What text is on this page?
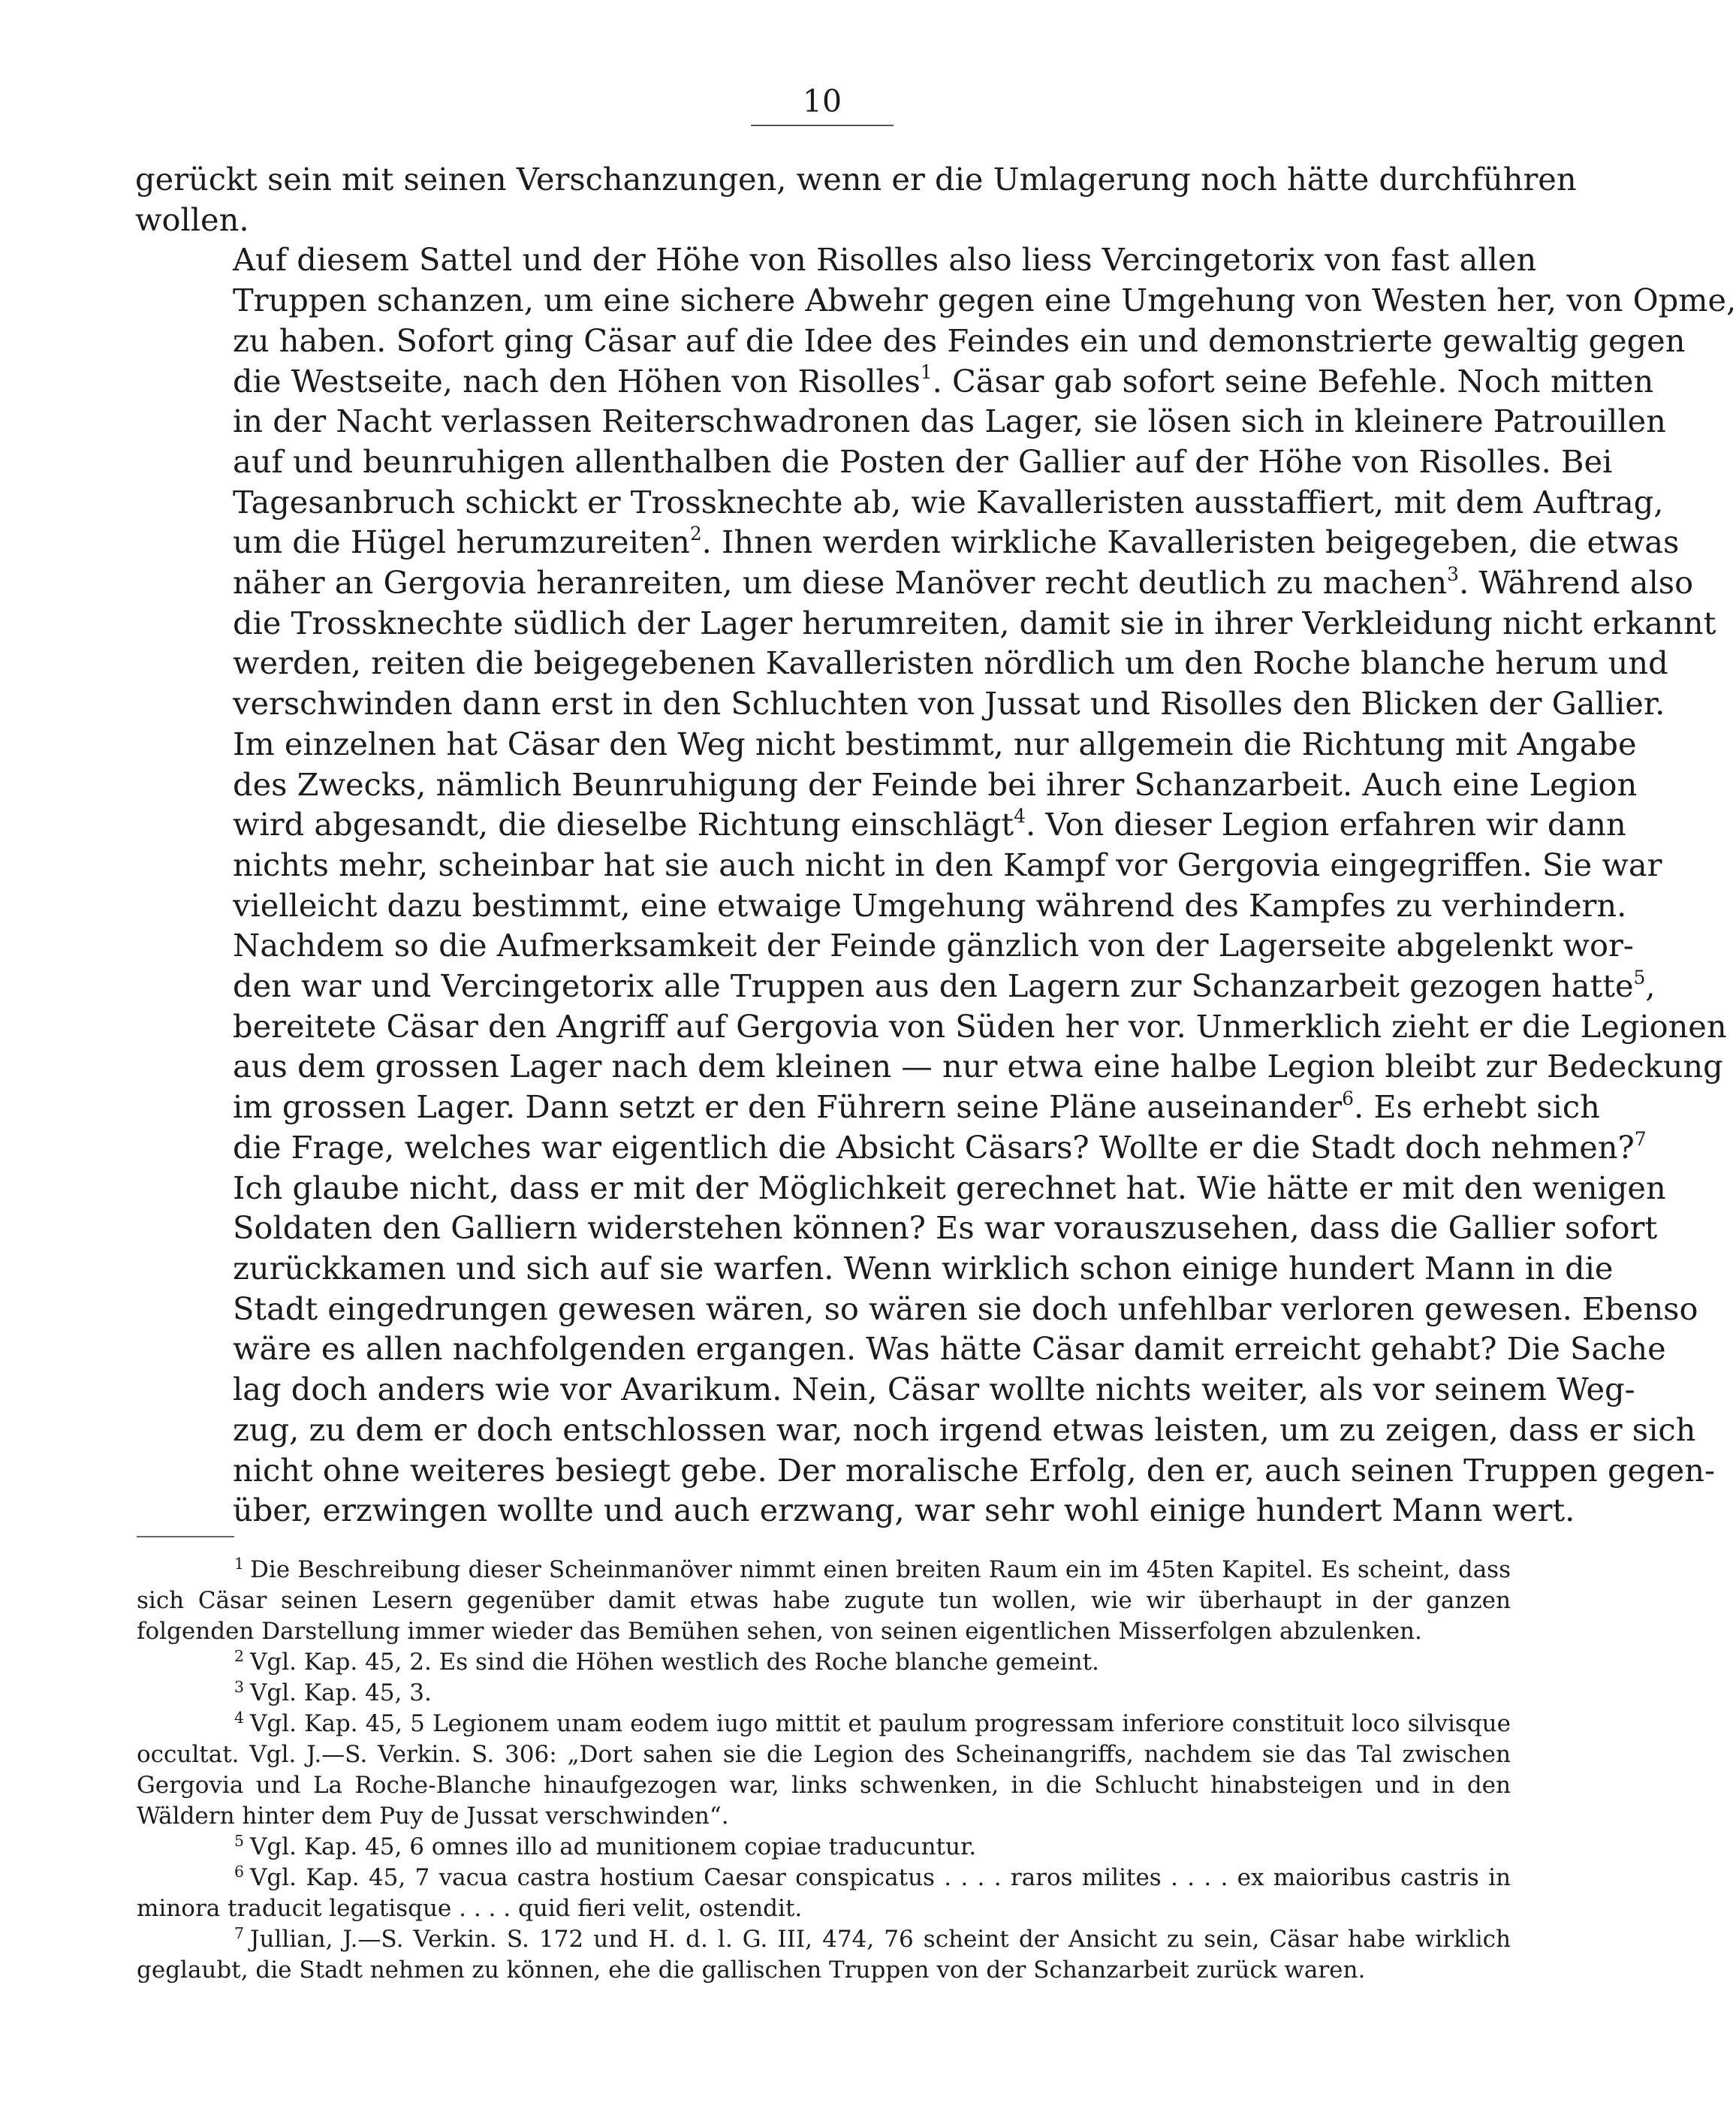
10

gerückt sein mit seinen Verschanzungen, wenn er die Umlagerung noch hätte durchführen
wollen.

Auf diesem Sattel und der Höhe von Risolles also liess Vercingetorix von fast allen
Truppen schanzen, um eine sichere Abwehr gegen eine Umgehung von Westen her, von Opme,
zu haben. Sofort ging Cäsar auf die Idee des Feindes ein und demonstrierte gewaltig gegen
die Westseite, nach den Höhen von Risolles$^1$. Cäsar gab sofort seine Befehle. Noch mitten
in der Nacht verlassen Reiterschwadronen das Lager, sie lösen sich in kleinere Patrouillen
auf und beunruhigen allenthalben die Posten der Gallier auf der Höhe von Risolles. Bei
Tagesanbruch schickt er Trossknechte ab, wie Kavalleristen ausstaffiert, mit dem Auftrag,
um die Hügel herumzureiten$^2$. Ihnen werden wirkliche Kavalleristen beigegeben, die etwas
näher an Gergovia heranreiten, um diese Manöver recht deutlich zu machen$^3$. Während also
die Trossknechte südlich der Lager herumreiten, damit sie in ihrer Verkleidung nicht erkannt
werden, reiten die beigegebenen Kavalleristen nördlich um den Roche blanche herum und
verschwinden dann erst in den Schluchten von Jussat und Risolles den Blicken der Gallier.
Im einzelnen hat Cäsar den Weg nicht bestimmt, nur allgemein die Richtung mit Angabe
des Zwecks, nämlich Beunruhigung der Feinde bei ihrer Schanzarbeit. Auch eine Legion
wird abgesandt, die dieselbe Richtung einschlägt$^4$. Von dieser Legion erfahren wir dann
nichts mehr, scheinbar hat sie auch nicht in den Kampf vor Gergovia eingegriffen. Sie war
vielleicht dazu bestimmt, eine etwaige Umgehung während des Kampfes zu verhindern.

Nachdem so die Aufmerksamkeit der Feinde gänzlich von der Lagerseite abgelenkt wor-
den war und Vercingetorix alle Truppen aus den Lagern zur Schanzarbeit gezogen hatte$^5$,
bereitete Cäsar den Angriff auf Gergovia von Süden her vor. Unmerklich zieht er die Legionen
aus dem grossen Lager nach dem kleinen — nur etwa eine halbe Legion bleibt zur Bedeckung
im grossen Lager. Dann setzt er den Führern seine Pläne auseinander$^6$. Es erhebt sich
die Frage, welches war eigentlich die Absicht Cäsars? Wollte er die Stadt doch nehmen?$^7$
Ich glaube nicht, dass er mit der Möglichkeit gerechnet hat. Wie hätte er mit den wenigen
Soldaten den Galliern widerstehen können? Es war vorauszusehen, dass die Gallier sofort
zurückkamen und sich auf sie warfen. Wenn wirklich schon einige hundert Mann in die
Stadt eingedrungen gewesen wären, so wären sie doch unfehlbar verloren gewesen. Ebenso
wäre es allen nachfolgenden ergangen. Was hätte Cäsar damit erreicht gehabt? Die Sache
lag doch anders wie vor Avarikum. Nein, Cäsar wollte nichts weiter, als vor seinem Weg-
zug, zu dem er doch entschlossen war, noch irgend etwas leisten, um zu zeigen, dass er sich
nicht ohne weiteres besiegt gebe. Der moralische Erfolg, den er, auch seinen Truppen gegen-
über, erzwingen wollte und auch erzwang, war sehr wohl einige hundert Mann wert.

$^1$ Die Beschreibung dieser Scheinmanöver nimmt einen breiten Raum ein im 45ten Kapitel. Es scheint, dass sich Cäsar seinen Lesern gegenüber damit etwas habe zugute tun wollen, wie wir überhaupt in der ganzen folgenden Darstellung immer wieder das Bemühen sehen, von seinen eigentlichen Misserfolgen abzulenken.

$^2$ Vgl. Kap. 45, 2. Es sind die Höhen westlich des Roche blanche gemeint.

$^3$ Vgl. Kap. 45, 3.

$^4$ Vgl. Kap. 45, 5 Legionem unam eodem iugo mittit et paulum progressam inferiore constituit loco silvisque occultat. Vgl. J.—S. Verkin. S. 306: „Dort sahen sie die Legion des Scheinangriffs, nachdem sie das Tal zwischen Gergovia und La Roche-Blanche hinaufgezogen war, links schwenken, in die Schlucht hinabsteigen und in den Wäldern hinter dem Puy de Jussat verschwinden“.

$^5$ Vgl. Kap. 45, 6 omnes illo ad munitionem copiae traducuntur.

$^6$ Vgl. Kap. 45, 7 vacua castra hostium Caesar conspicatus . . . . raros milites . . . . ex maioribus castris in minora traducit legatisque . . . . quid fieri velit, ostendit.

$^7$ Jullian, J.—S. Verkin. S. 172 und H. d. l. G. III, 474, 76 scheint der Ansicht zu sein, Cäsar habe wirklich geglaubt, die Stadt nehmen zu können, ehe die gallischen Truppen von der Schanzarbeit zurück waren.
